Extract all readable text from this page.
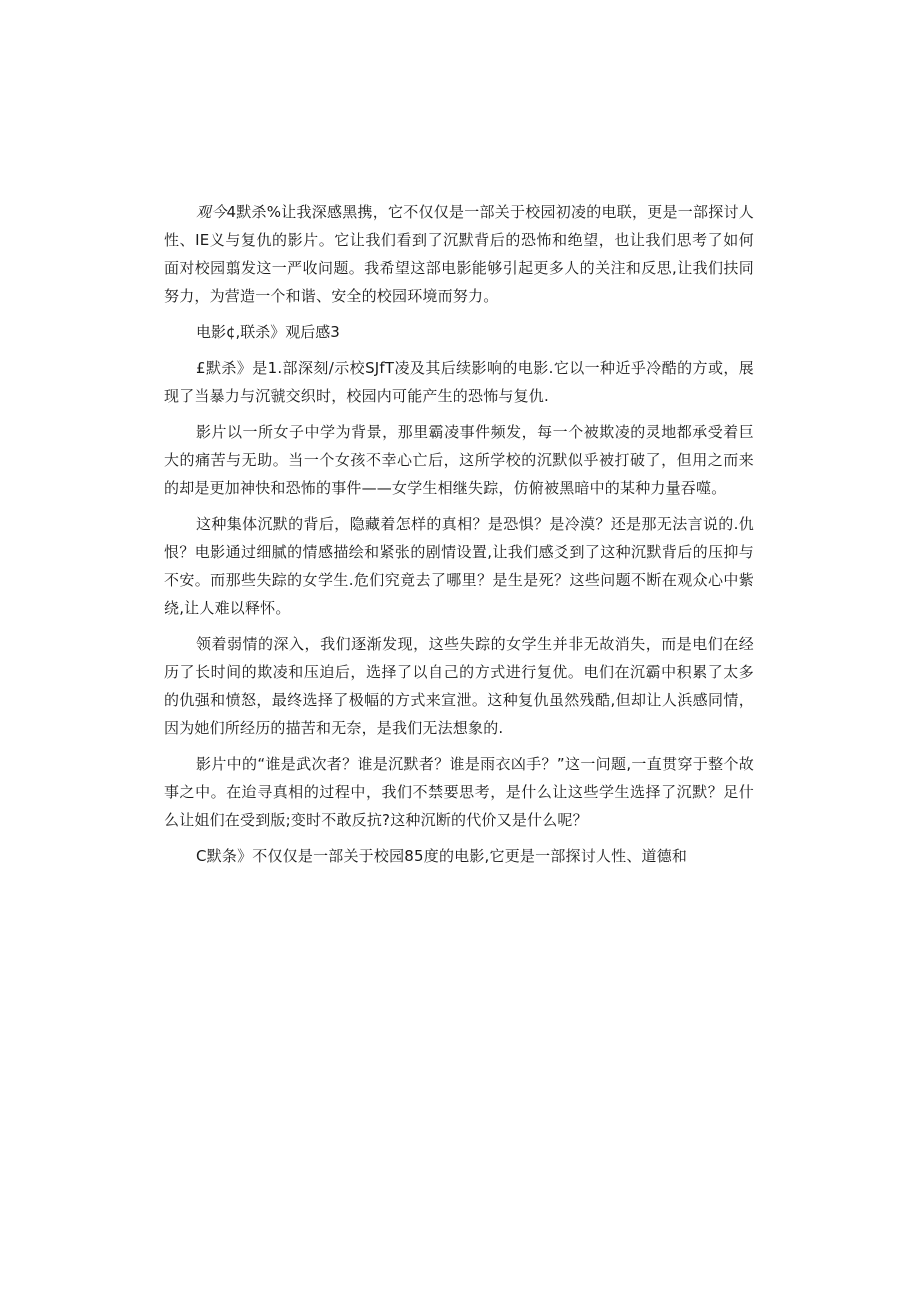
观今4默杀%让我深感黑携，它不仅仅是一部关于校园初凌的电联，更是一部探讨人性、IE义与复仇的影片。它让我们看到了沉默背后的恐怖和绝望，也让我们思考了如何面对校园翦发这一严收问题。我希望这部电影能够引起更多人的关注和反思,让我们扶同努力，为营造一个和谐、安全的校园环境而努力。

电影¢,联杀》观后感3

£默杀》是1.部深刻/示校SJfT凌及其后续影响的电影.它以一种近乎冷酷的方或，展现了当暴力与沉虢交织时，校园内可能产生的恐怖与复仇.

影片以一所女子中学为背景，那里霸凌事件频发，每一个被欺凌的灵地都承受着巨大的痛苦与无助。当一个女孩不幸心亡后，这所学校的沉默似乎被打破了，但用之而来的却是更加神快和恐怖的事件——女学生相继失踪，仿俯被黑暗中的某种力量吞噬。

这种集体沉默的背后，隐藏着怎样的真相？是恐惧？是冷漠？还是那无法言说的.仇恨？电影通过细腻的情感描绘和紧张的剧情设置,让我们感爻到了这种沉默背后的压抑与不安。而那些失踪的女学生.危们究竟去了哪里？是生是死？这些问题不断在观众心中紫绕,让人难以释怀。

领着弱情的深入，我们逐渐发现，这些失踪的女学生并非无故消失，而是电们在经历了长时间的欺凌和压迫后，选择了以自己的方式进行复优。电们在沉霸中积累了太多的仇强和愤怒，最终选择了极幅的方式来宣泄。这种复仇虽然残酷,但却让人浜感同情，因为她们所经历的描苦和无奈，是我们无法想象的.

影片中的“谁是武次者？谁是沉默者？谁是雨衣凶手？”这一问题,一直贯穿于整个故事之中。在迨寻真相的过程中，我们不禁要思考，是什么让这些学生选择了沉默？足什么让姐们在受到版;变时不敢反抗?这种沉断的代价又是什么呢？

C默条》不仅仅是一部关于校园85度的电影,它更是一部探讨人性、道德和
